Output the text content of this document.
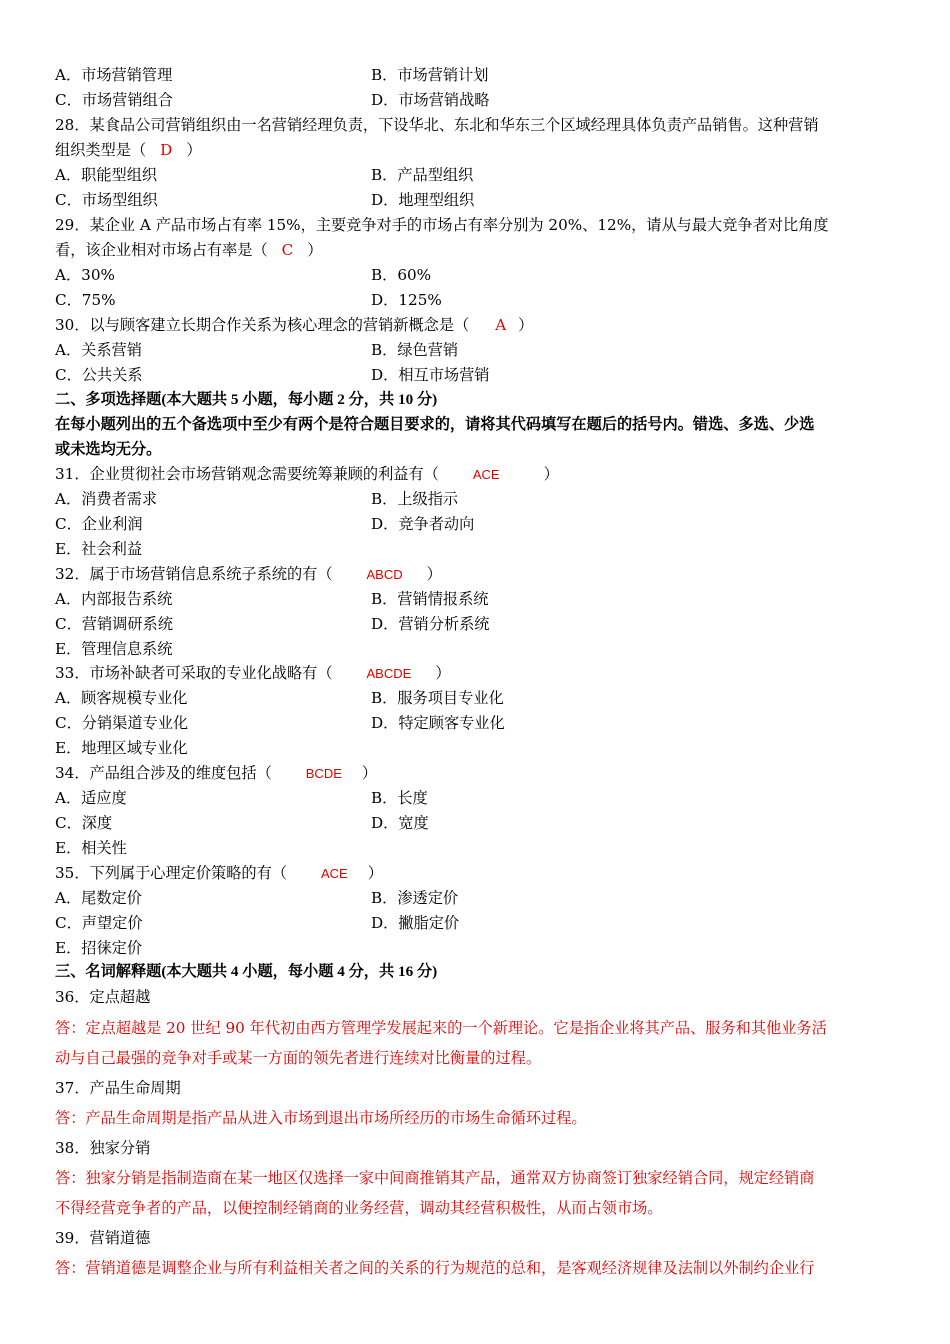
A．市场营销管理	B．市场营销计划
C．市场营销组合	D．市场营销战略
28．某食品公司营销组织由一名营销经理负责，下设华北、东北和华东三个区域经理具体负责产品销售。这种营销
组织类型是（ D ）
A．职能型组织	B．产品型组织
C．市场型组织	D．地理型组织
29．某企业 A 产品市场占有率 15%，主要竞争对手的市场占有率分别为 20%、12%，请从与最大竞争者对比角度
看，该企业相对市场占有率是（ C ）
A．30%	B．60%
C．75%	D．125%
30．以与顾客建立长期合作关系为核心理念的营销新概念是（ A ）
A．关系营销	B．绿色营销
C．公共关系	D．相互市场营销
二、多项选择题(本大题共 5 小题，每小题 2 分，共 10 分)
在每小题列出的五个备选项中至少有两个是符合题目要求的，请将其代码填写在题后的括号内。错选、多选、少选
或未选均无分。
31．企业贯彻社会市场营销观念需要统筹兼顾的利益有（	ACE	）
A．消费者需求	B．上级指示
C．企业利润	D．竞争者动向
E．社会利益
32．属于市场营销信息系统子系统的有（	ABCD ）
A．内部报告系统	B．营销情报系统
C．营销调研系统	D．营销分析系统
E．管理信息系统
33．市场补缺者可采取的专业化战略有（	ABCDE ）
A．顾客规模专业化	B．服务项目专业化
C．分销渠道专业化	D．特定顾客专业化
E．地理区域专业化
34．产品组合涉及的维度包括（	BCDE ）
A．适应度	B．长度
C．深度	D．宽度
E．相关性
35．下列属于心理定价策略的有（	ACE ）
A．尾数定价	B．渗透定价
C．声望定价	D．撇脂定价
E．招徕定价
三、名词解释题(本大题共 4 小题，每小题 4 分，共 16 分)
36．定点超越
答：定点超越是 20 世纪 90 年代初由西方管理学发展起来的一个新理论。它是指企业将其产品、服务和其他业务活
动与自己最强的竞争对手或某一方面的领先者进行连续对比衡量的过程。
37．产品生命周期
答：产品生命周期是指产品从进入市场到退出市场所经历的市场生命循环过程。
38．独家分销
答：独家分销是指制造商在某一地区仅选择一家中间商推销其产品，通常双方协商签订独家经销合同，规定经销商
不得经营竞争者的产品，以便控制经销商的业务经营，调动其经营积极性，从而占领市场。
39．营销道德
答：营销道德是调整企业与所有利益相关者之间的关系的行为规范的总和，是客观经济规律及法制以外制约企业行
